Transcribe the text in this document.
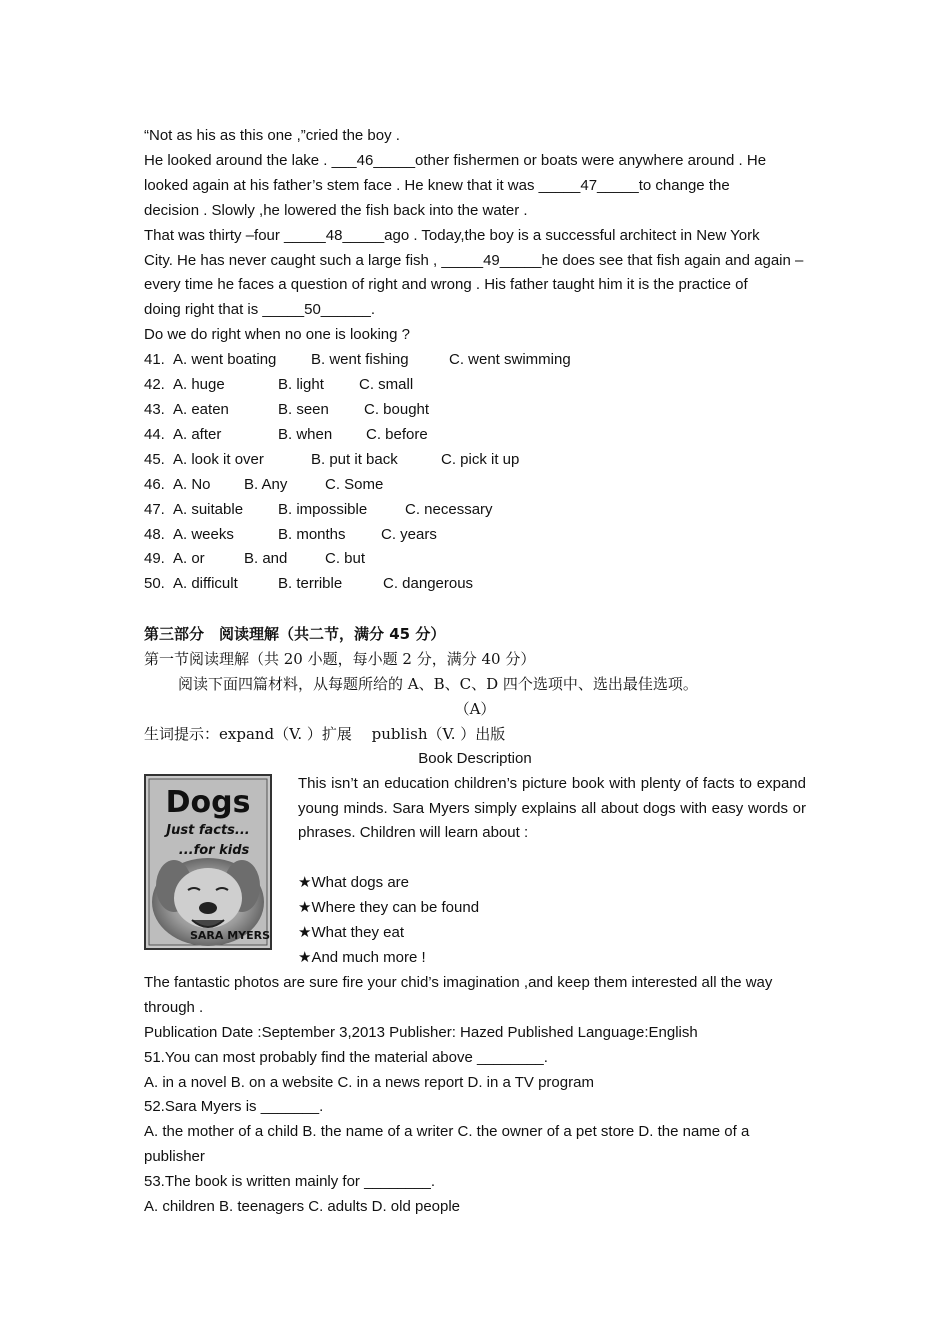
“Not as his as this one ,”cried the boy .
He looked around the lake . ___46_____other fishermen or boats were anywhere around . He
looked again at his father’s stem face . He knew that it was _____47_____to change the
decision . Slowly ,he lowered the fish back into the water .
That was thirty –four _____48_____ago . Today,the boy is a successful architect in New York
City. He has never caught such a large fish , _____49_____he does see that fish again and again –
every time he faces a question of right and wrong . His father taught him it is the practice of
doing right that is _____50______.
Do we do right when no one is looking ?
41. A. went boating B. went fishing	C. went swimming
42. A. huge	B. light C. small
43. A. eaten	B. seen C. bought
44. A. after	B. when C. before
45. A. look it over	B. put it back	C. pick it up
46. A. No B. Any	C. Some
47. A. suitable B. impossible	C. necessary
48. A. weeks	B. months C. years
49. A. or	B. and	C. but
50. A. difficult	B. terrible	C. dangerous
第三部分　阅读理解（共二节，满分 45 分）
第一节阅读理解（共 20 小题，每小题 2 分，满分 40 分）
阅读下面四篇材料，从每题所给的 A、B、C、D 四个选项中、选出最佳选项。
（A）
生词提示：expand（V. ）扩展　 publish（V. ）出版
Book Description
Dogs
Just facts...
...for kids
SARA MYERS
This isn’t an education children’s picture book with plenty of facts to expand young minds. Sara Myers simply explains all about dogs with easy words or phrases. Children will learn about :

★What dogs are
★Where they can be found
★What they eat
★And much more !
The fantastic photos are sure fire your chid’s imagination ,and keep them interested all the way through .
Publication Date :September 3,2013 Publisher: Hazed Published Language:English
51.You can most probably find the material above ________.
A. in a novel B. on a website C. in a news report D. in a TV program
52.Sara Myers is _______.
A. the mother of a child B. the name of a writer C. the owner of a pet store D. the name of a publisher
53.The book is written mainly for ________.
A. children B. teenagers C. adults D. old people
